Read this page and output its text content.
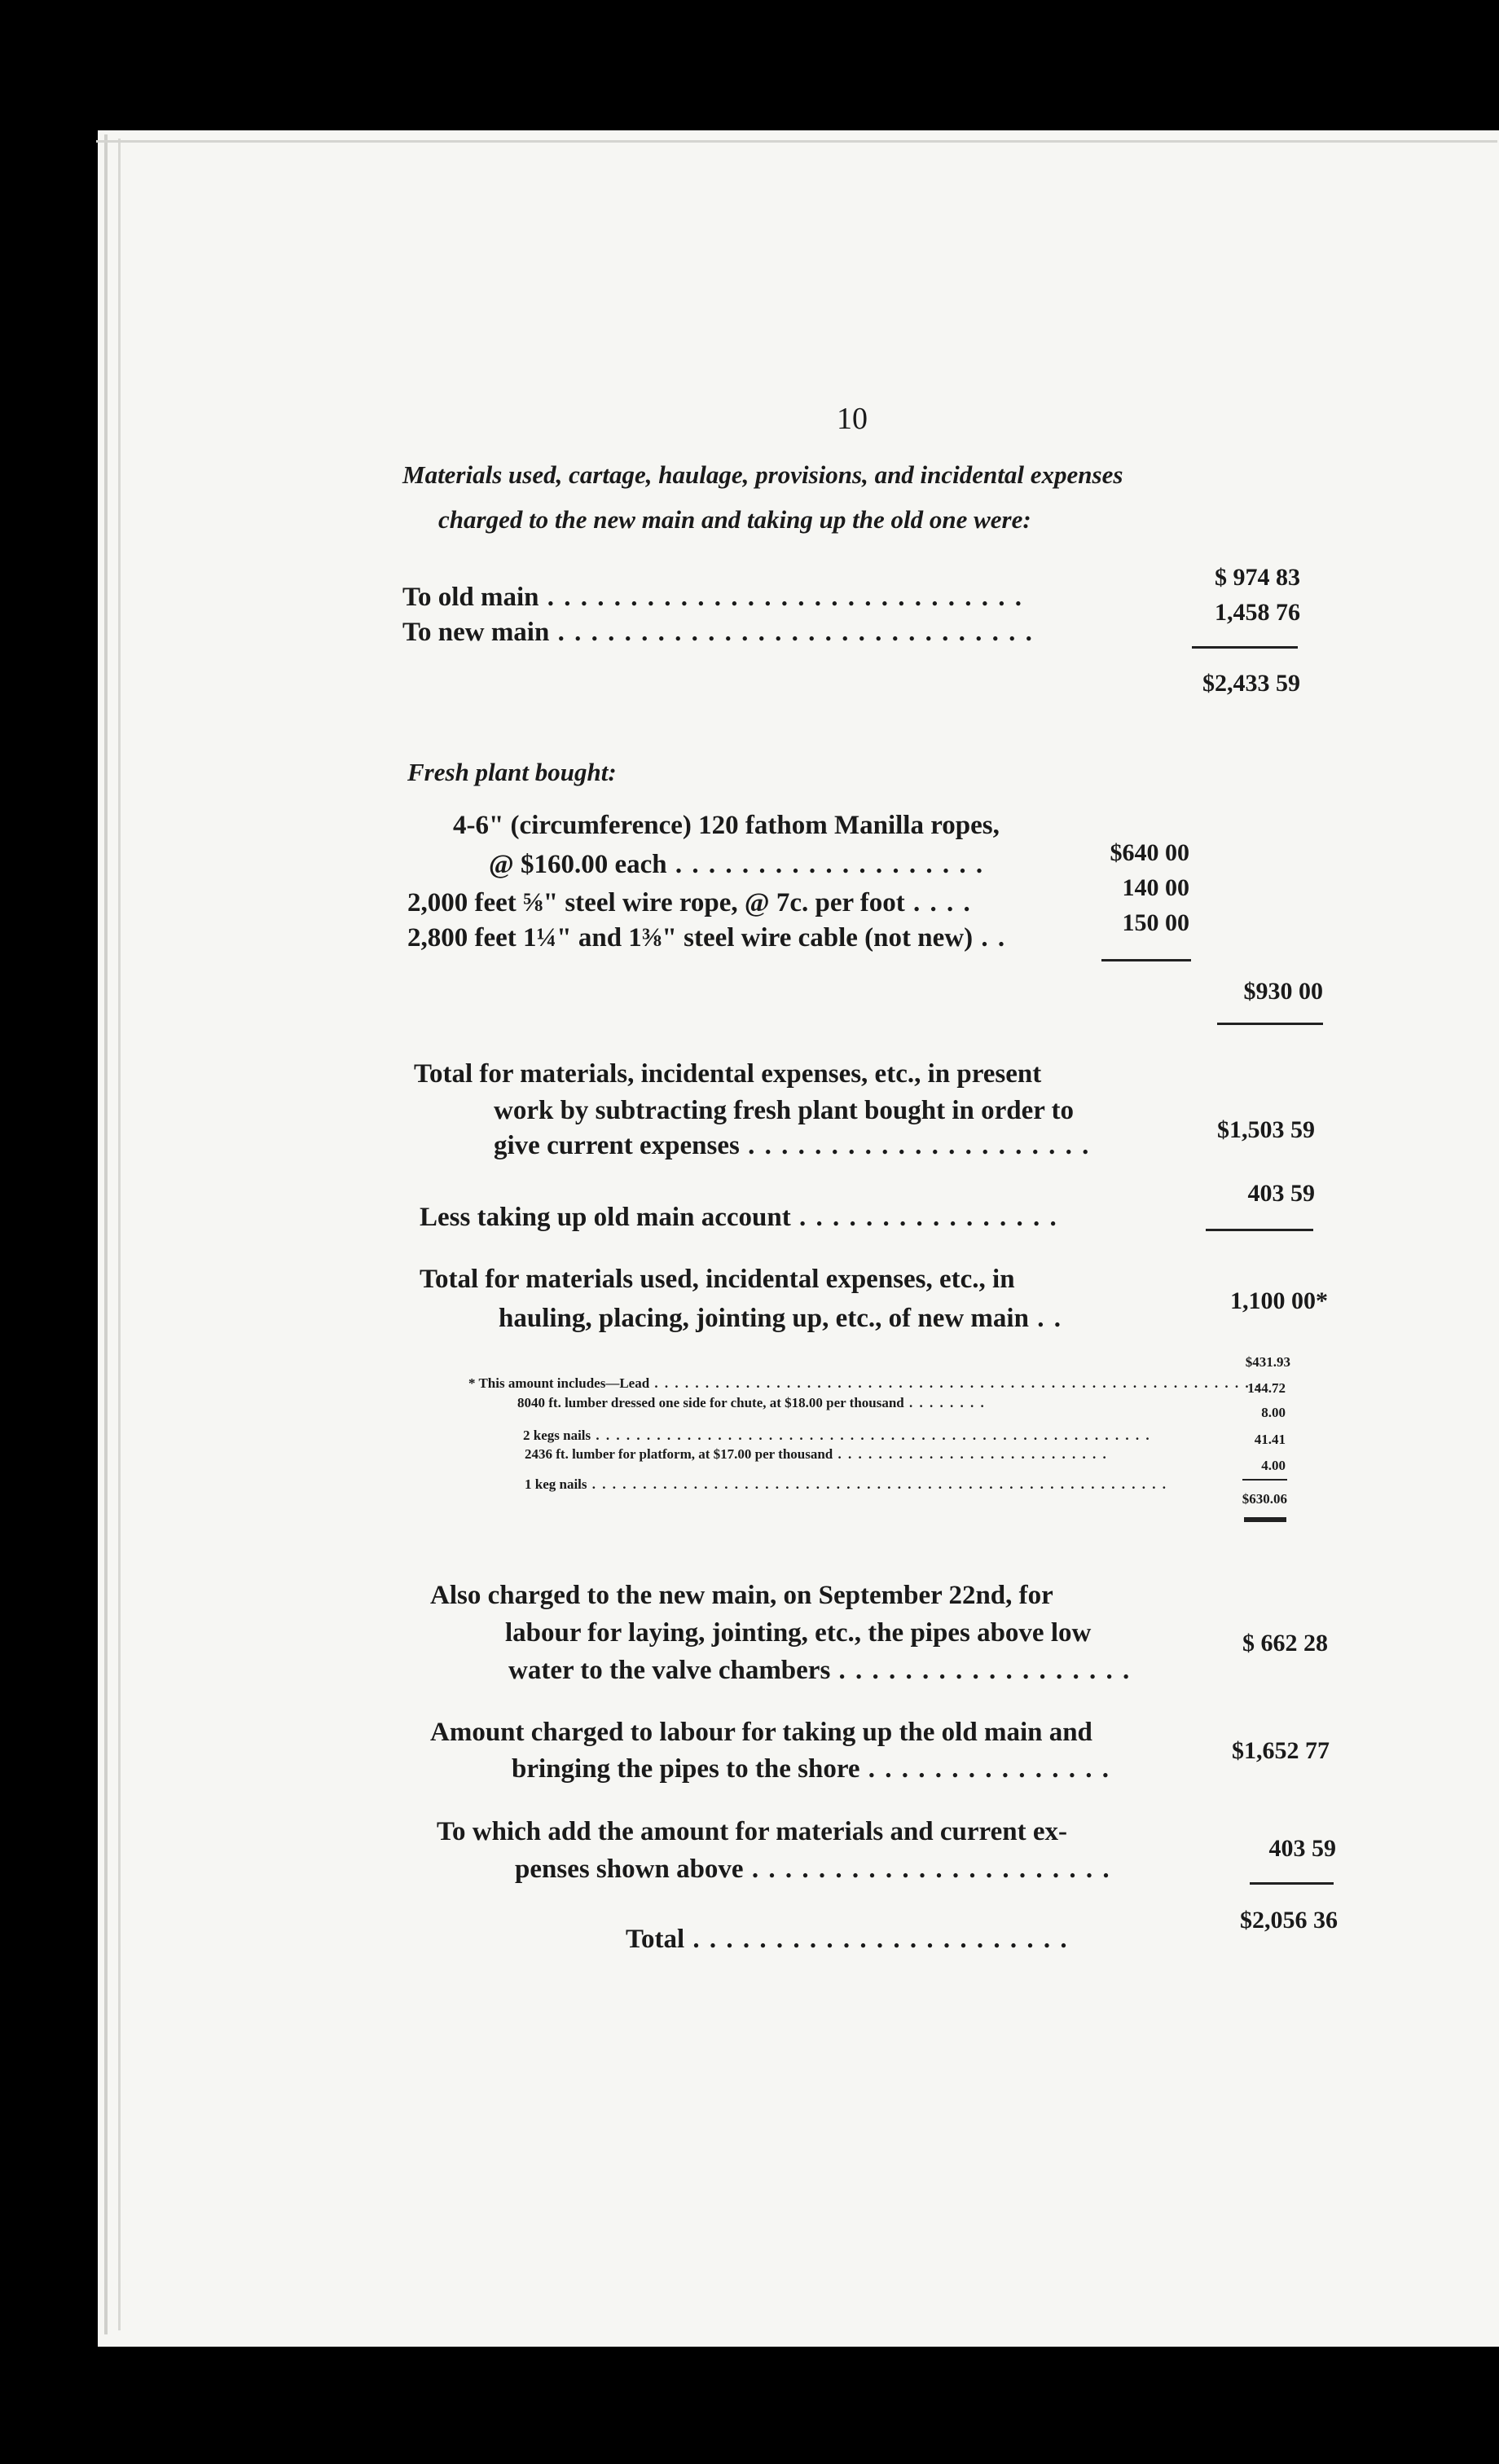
10
Materials used, cartage, haulage, provisions, and incidental expenses
charged to the new main and taking up the old one were:
To old main . . . . . . . . . . . . . . . . . . . . . . . . . . . . .
$ 974 83
To new main . . . . . . . . . . . . . . . . . . . . . . . . . . . . .
1,458 76
$2,433 59
Fresh plant bought:
4-6" (circumference) 120 fathom Manilla ropes,
@ $160.00 each . . . . . . . . . . . . . . . . . . .	$640 00
2,000 feet ⅝" steel wire rope, @ 7c. per foot . . . .
140 00
2,800 feet 1¼" and 1⅜" steel wire cable (not new) . .
150 00
$930 00
Total for materials, incidental expenses, etc., in present
work by subtracting fresh plant bought in order to
give current expenses . . . . . . . . . . . . . . . . . . . . .
$1,503 59
Less taking up old main account . . . . . . . . . . . . . . . .
403 59
Total for materials used, incidental expenses, etc., in
hauling, placing, jointing up, etc., of new main . .
1,100 00*
* This amount includes—Lead . . . . . . . . . . . . . . . . . . . . . . . . . . . . . . . . . . . . . . . . . . . . . . . . . . . . . . . . . . . .
$431.93
8040 ft. lumber dressed one side for chute, at $18.00 per thousand . . . . . . . .
144.72
2 kegs nails . . . . . . . . . . . . . . . . . . . . . . . . . . . . . . . . . . . . . . . . . . . . . . . . . . . . . . .
8.00
2436 ft. lumber for platform, at $17.00 per thousand . . . . . . . . . . . . . . . . . . . . . . . . . . .
41.41
1 keg nails . . . . . . . . . . . . . . . . . . . . . . . . . . . . . . . . . . . . . . . . . . . . . . . . . . . . . . . . .
4.00
$630.06
Also charged to the new main, on September 22nd, for
labour for laying, jointing, etc., the pipes above low
water to the valve chambers . . . . . . . . . . . . . . . . . .
$ 662 28
Amount charged to labour for taking up the old main and
bringing the pipes to the shore . . . . . . . . . . . . . . .
$1,652 77
To which add the amount for materials and current ex-
penses shown above . . . . . . . . . . . . . . . . . . . . . .
403 59
Total . . . . . . . . . . . . . . . . . . . . . . .
$2,056 36
